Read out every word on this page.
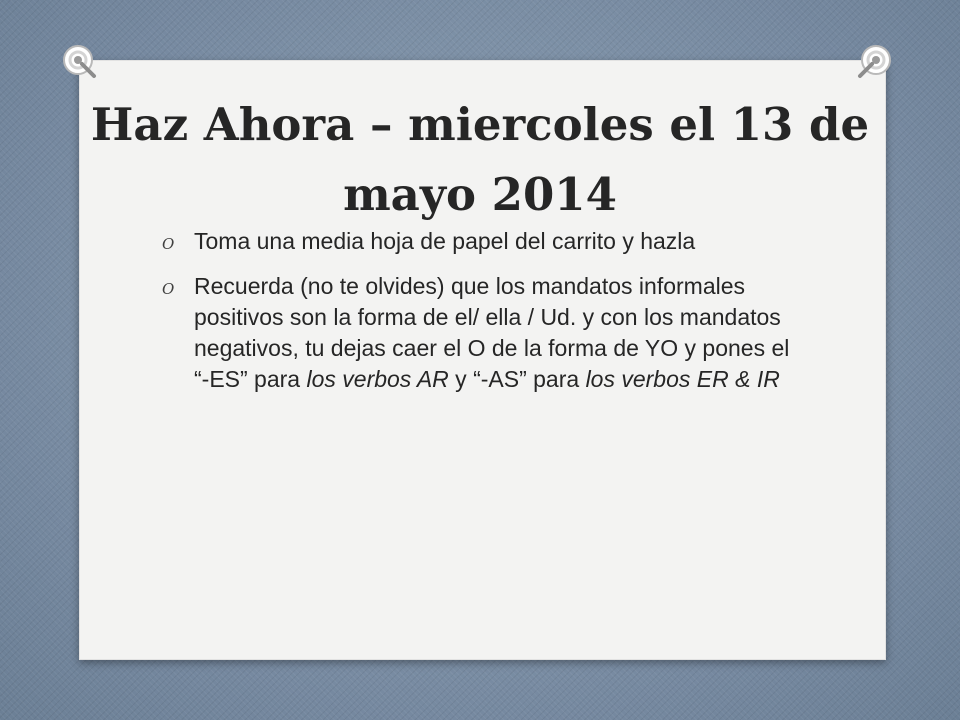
Haz Ahora – miercoles el 13 de
mayo 2014
O Toma una media hoja de papel del carrito y hazla
O Recuerda (no te olvides) que los mandatos informales positivos son la forma de el/ ella / Ud. y con los mandatos negativos, tu dejas caer el O de la forma de YO y pones el “-ES” para los verbos AR y “-AS” para los verbos ER & IR
